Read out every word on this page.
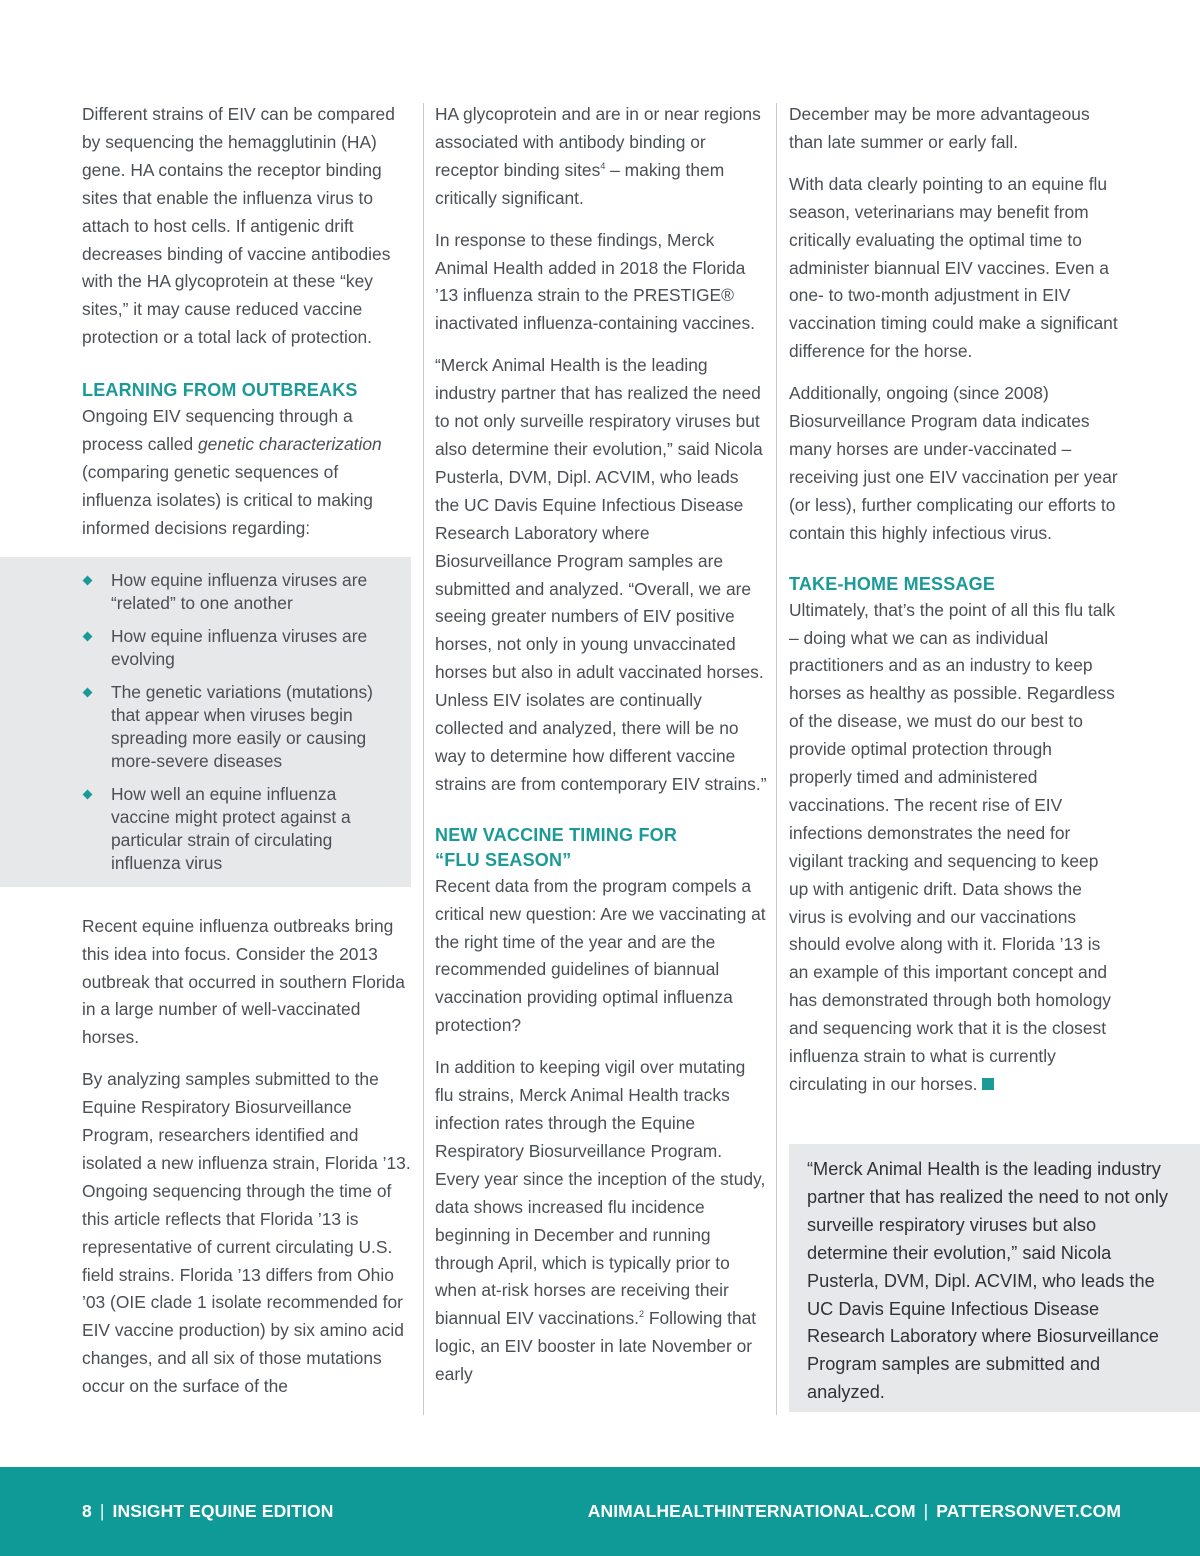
Different strains of EIV can be compared by sequencing the hemagglutinin (HA) gene. HA contains the receptor binding sites that enable the influenza virus to attach to host cells. If antigenic drift decreases binding of vaccine antibodies with the HA glycoprotein at these “key sites,” it may cause reduced vaccine protection or a total lack of protection.

LEARNING FROM OUTBREAKS

Ongoing EIV sequencing through a process called genetic characterization (comparing genetic sequences of influenza isolates) is critical to making informed decisions regarding:

How equine influenza viruses are “related” to one another
How equine influenza viruses are evolving
The genetic variations (mutations) that appear when viruses begin spreading more easily or causing more-severe diseases
How well an equine influenza vaccine might protect against a particular strain of circulating influenza virus

Recent equine influenza outbreaks bring this idea into focus. Consider the 2013 outbreak that occurred in southern Florida in a large number of well-vaccinated horses.

By analyzing samples submitted to the Equine Respiratory Biosurveillance Program, researchers identified and isolated a new influenza strain, Florida ’13. Ongoing sequencing through the time of this article reflects that Florida ’13 is representative of current circulating U.S. field strains. Florida ’13 differs from Ohio ’03 (OIE clade 1 isolate recommended for EIV vaccine production) by six amino acid changes, and all six of those mutations occur on the surface of the

HA glycoprotein and are in or near regions associated with antibody binding or receptor binding sites$^4$ – making them critically significant.

In response to these findings, Merck Animal Health added in 2018 the Florida ’13 influenza strain to the PRESTIGE® inactivated influenza-containing vaccines.

“Merck Animal Health is the leading industry partner that has realized the need to not only surveille respiratory viruses but also determine their evolution,” said Nicola Pusterla, DVM, Dipl. ACVIM, who leads the UC Davis Equine Infectious Disease Research Laboratory where Biosurveillance Program samples are submitted and analyzed. “Overall, we are seeing greater numbers of EIV positive horses, not only in young unvaccinated horses but also in adult vaccinated horses. Unless EIV isolates are continually collected and analyzed, there will be no way to determine how different vaccine strains are from contemporary EIV strains.”

NEW VACCINE TIMING FOR
“FLU SEASON”

Recent data from the program compels a critical new question: Are we vaccinating at the right time of the year and are the recommended guidelines of biannual vaccination providing optimal influenza protection?

In addition to keeping vigil over mutating flu strains, Merck Animal Health tracks infection rates through the Equine Respiratory Biosurveillance Program. Every year since the inception of the study, data shows increased flu incidence beginning in December and running through April, which is typically prior to when at-risk horses are receiving their biannual EIV vaccinations.$^2$ Following that logic, an EIV booster in late November or early

December may be more advantageous than late summer or early fall.

With data clearly pointing to an equine flu season, veterinarians may benefit from critically evaluating the optimal time to administer biannual EIV vaccines. Even a one- to two-month adjustment in EIV vaccination timing could make a significant difference for the horse.

Additionally, ongoing (since 2008) Biosurveillance Program data indicates many horses are under-vaccinated – receiving just one EIV vaccination per year (or less), further complicating our efforts to contain this highly infectious virus.

TAKE-HOME MESSAGE

Ultimately, that’s the point of all this flu talk – doing what we can as individual practitioners and as an industry to keep horses as healthy as possible. Regardless of the disease, we must do our best to provide optimal protection through properly timed and administered vaccinations. The recent rise of EIV infections demonstrates the need for vigilant tracking and sequencing to keep up with antigenic drift. Data shows the virus is evolving and our vaccinations should evolve along with it. Florida ’13 is an example of this important concept and has demonstrated through both homology and sequencing work that it is the closest influenza strain to what is currently circulating in our horses.

“Merck Animal Health is the leading industry partner that has realized the need to not only surveille respiratory viruses but also determine their evolution,” said Nicola Pusterla, DVM, Dipl. ACVIM, who leads the UC Davis Equine Infectious Disease Research Laboratory where Biosurveillance Program samples are submitted and analyzed.
8 | INSIGHT EQUINE EDITION	ANIMALHEALTHINTERNATIONAL.COM | PATTERSONVET.COM
